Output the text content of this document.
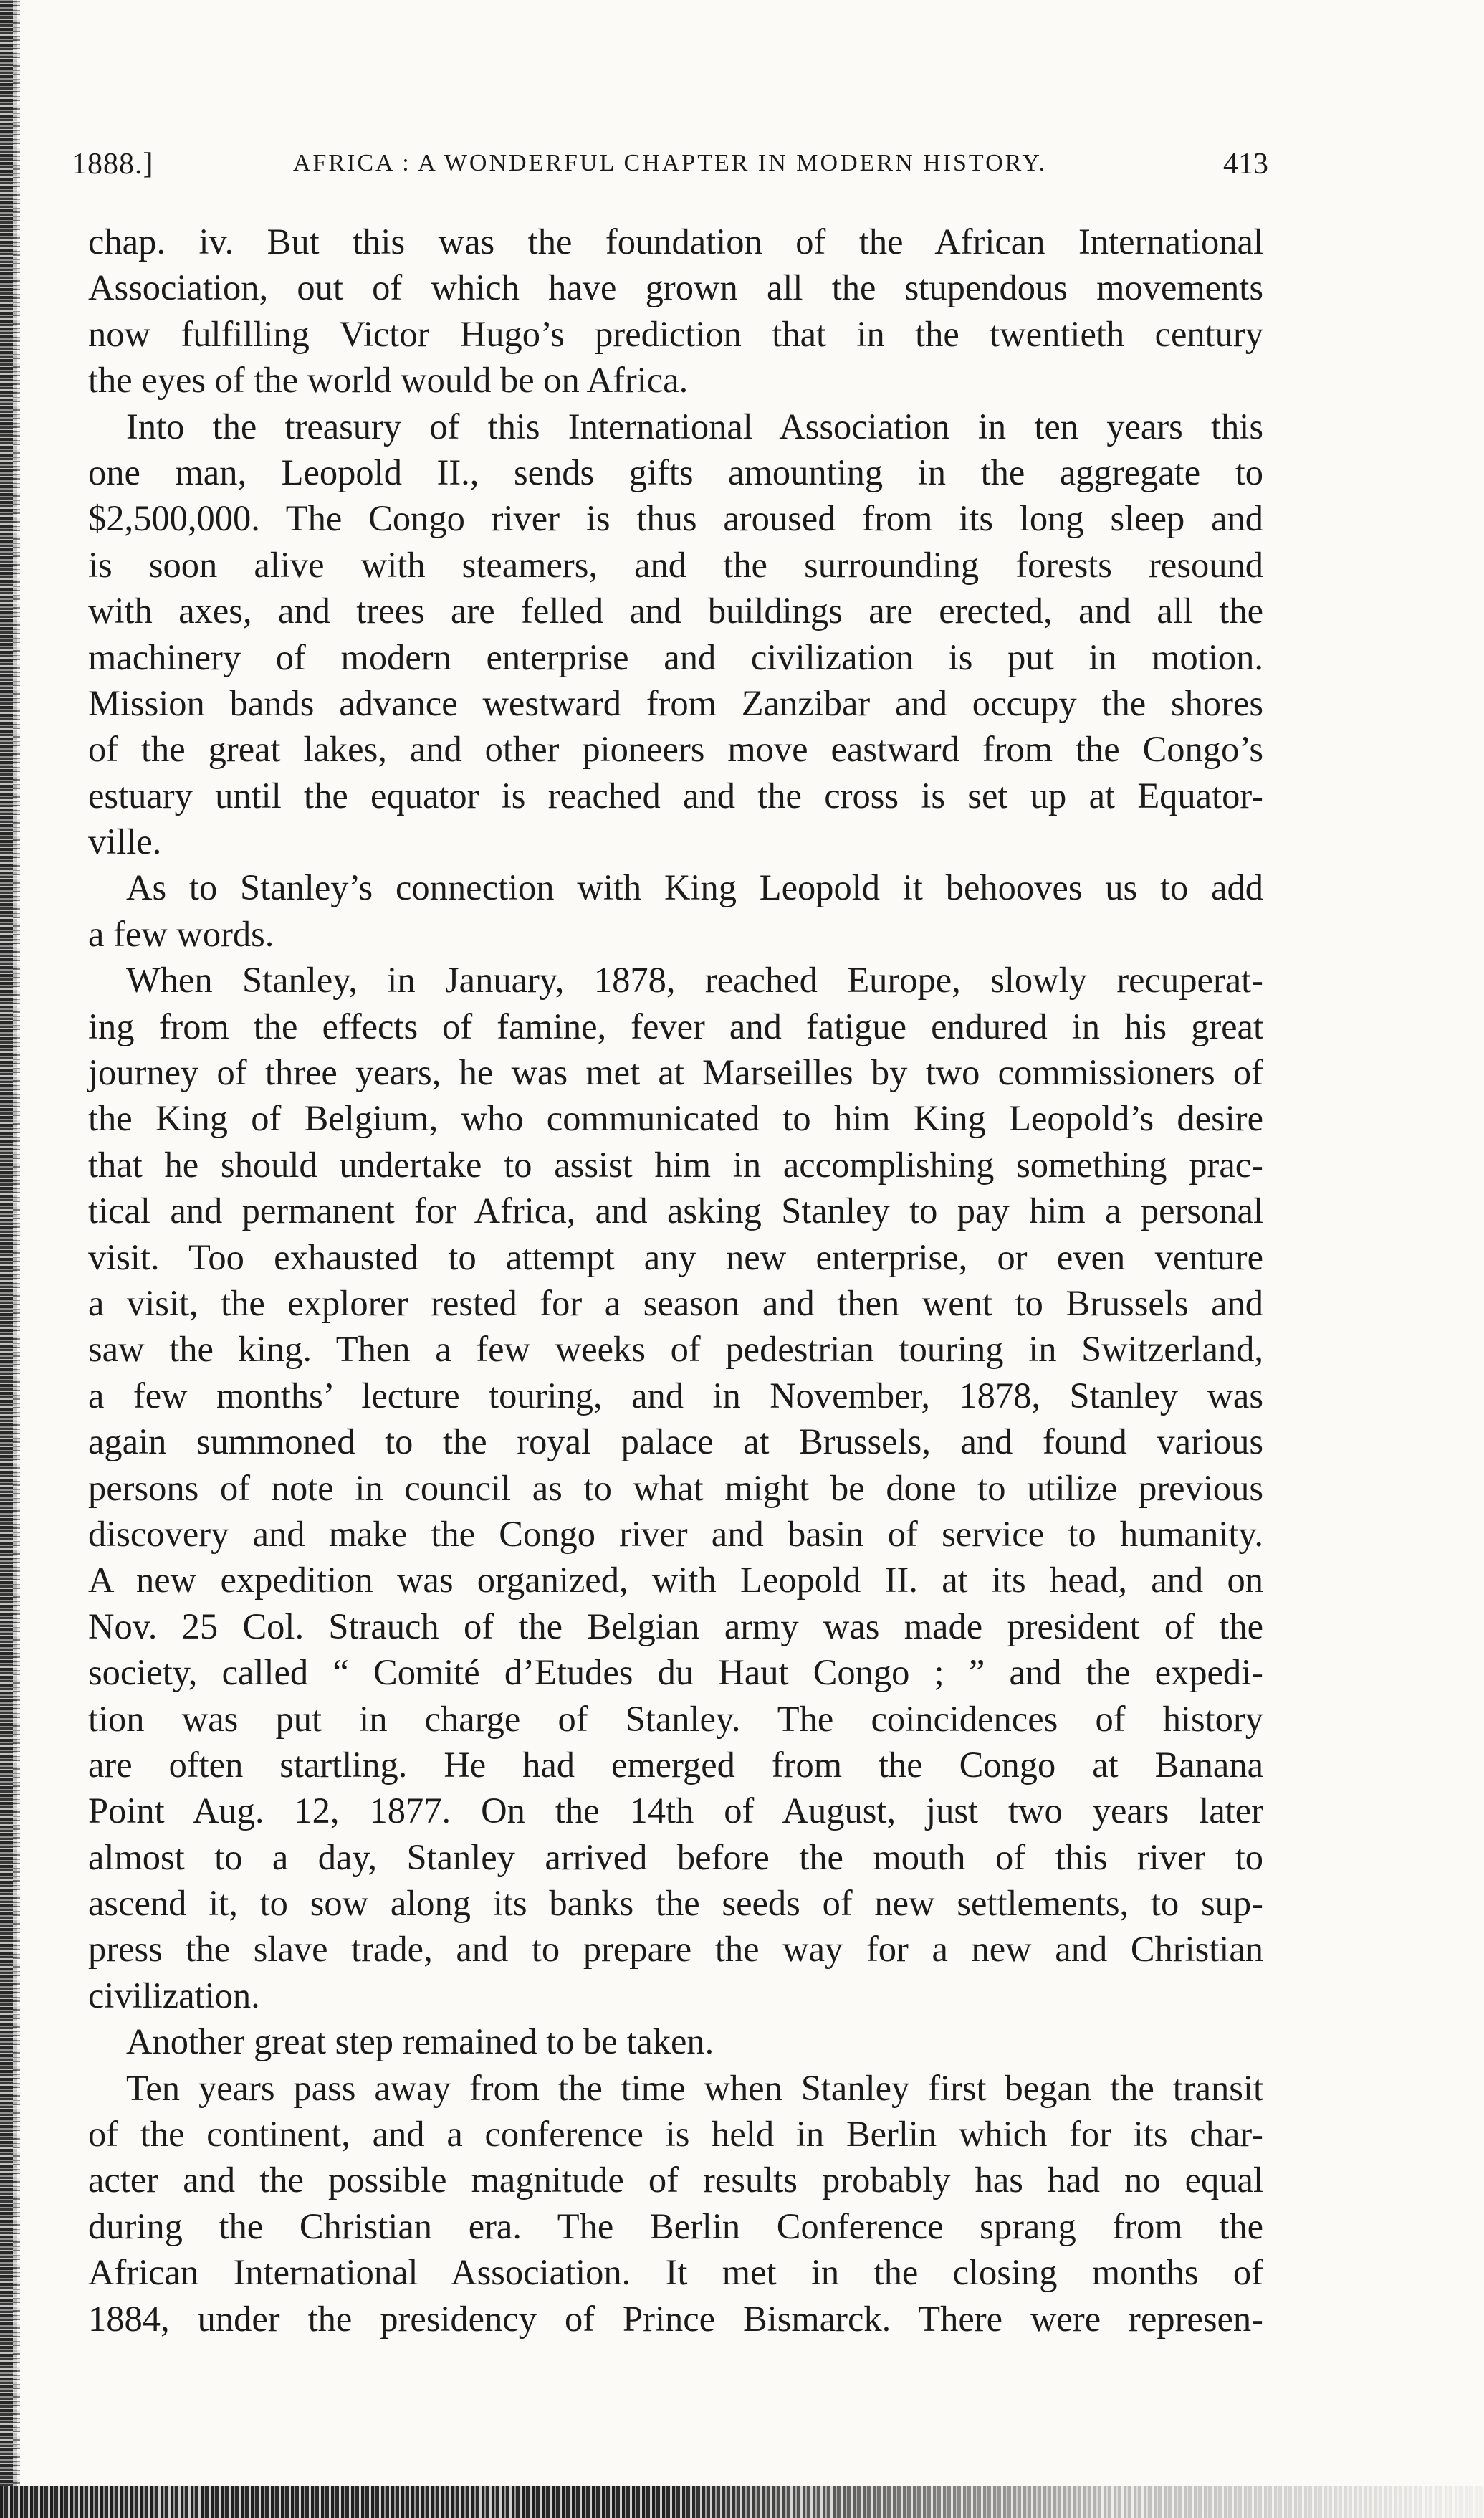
1888.]	AFRICA : A WONDERFUL CHAPTER IN MODERN HISTORY.	413
chap. iv. But this was the foundation of the African International
Association, out of which have grown all the stupendous movements
now fulfilling Victor Hugo’s prediction that in the twentieth century
the eyes of the world would be on Africa.
Into the treasury of this International Association in ten years this
one man, Leopold II., sends gifts amounting in the aggregate to
$2,500,000. The Congo river is thus aroused from its long sleep and
is soon alive with steamers, and the surrounding forests resound
with axes, and trees are felled and buildings are erected, and all the
machinery of modern enterprise and civilization is put in motion.
Mission bands advance westward from Zanzibar and occupy the shores
of the great lakes, and other pioneers move eastward from the Congo’s
estuary until the equator is reached and the cross is set up at Equator-
ville.
As to Stanley’s connection with King Leopold it behooves us to add
a few words.
When Stanley, in January, 1878, reached Europe, slowly recuperat-
ing from the effects of famine, fever and fatigue endured in his great
journey of three years, he was met at Marseilles by two commissioners of
the King of Belgium, who communicated to him King Leopold’s desire
that he should undertake to assist him in accomplishing something prac-
tical and permanent for Africa, and asking Stanley to pay him a personal
visit. Too exhausted to attempt any new enterprise, or even venture
a visit, the explorer rested for a season and then went to Brussels and
saw the king. Then a few weeks of pedestrian touring in Switzerland,
a few months’ lecture touring, and in November, 1878, Stanley was
again summoned to the royal palace at Brussels, and found various
persons of note in council as to what might be done to utilize previous
discovery and make the Congo river and basin of service to humanity.
A new expedition was organized, with Leopold II. at its head, and on
Nov. 25 Col. Strauch of the Belgian army was made president of the
society, called “ Comité d’Etudes du Haut Congo ; ” and the expedi-
tion was put in charge of Stanley. The coincidences of history
are often startling. He had emerged from the Congo at Banana
Point Aug. 12, 1877. On the 14th of August, just two years later
almost to a day, Stanley arrived before the mouth of this river to
ascend it, to sow along its banks the seeds of new settlements, to sup-
press the slave trade, and to prepare the way for a new and Christian
civilization.
Another great step remained to be taken.
Ten years pass away from the time when Stanley first began the transit
of the continent, and a conference is held in Berlin which for its char-
acter and the possible magnitude of results probably has had no equal
during the Christian era. The Berlin Conference sprang from the
African International Association. It met in the closing months of
1884, under the presidency of Prince Bismarck. There were represen-
